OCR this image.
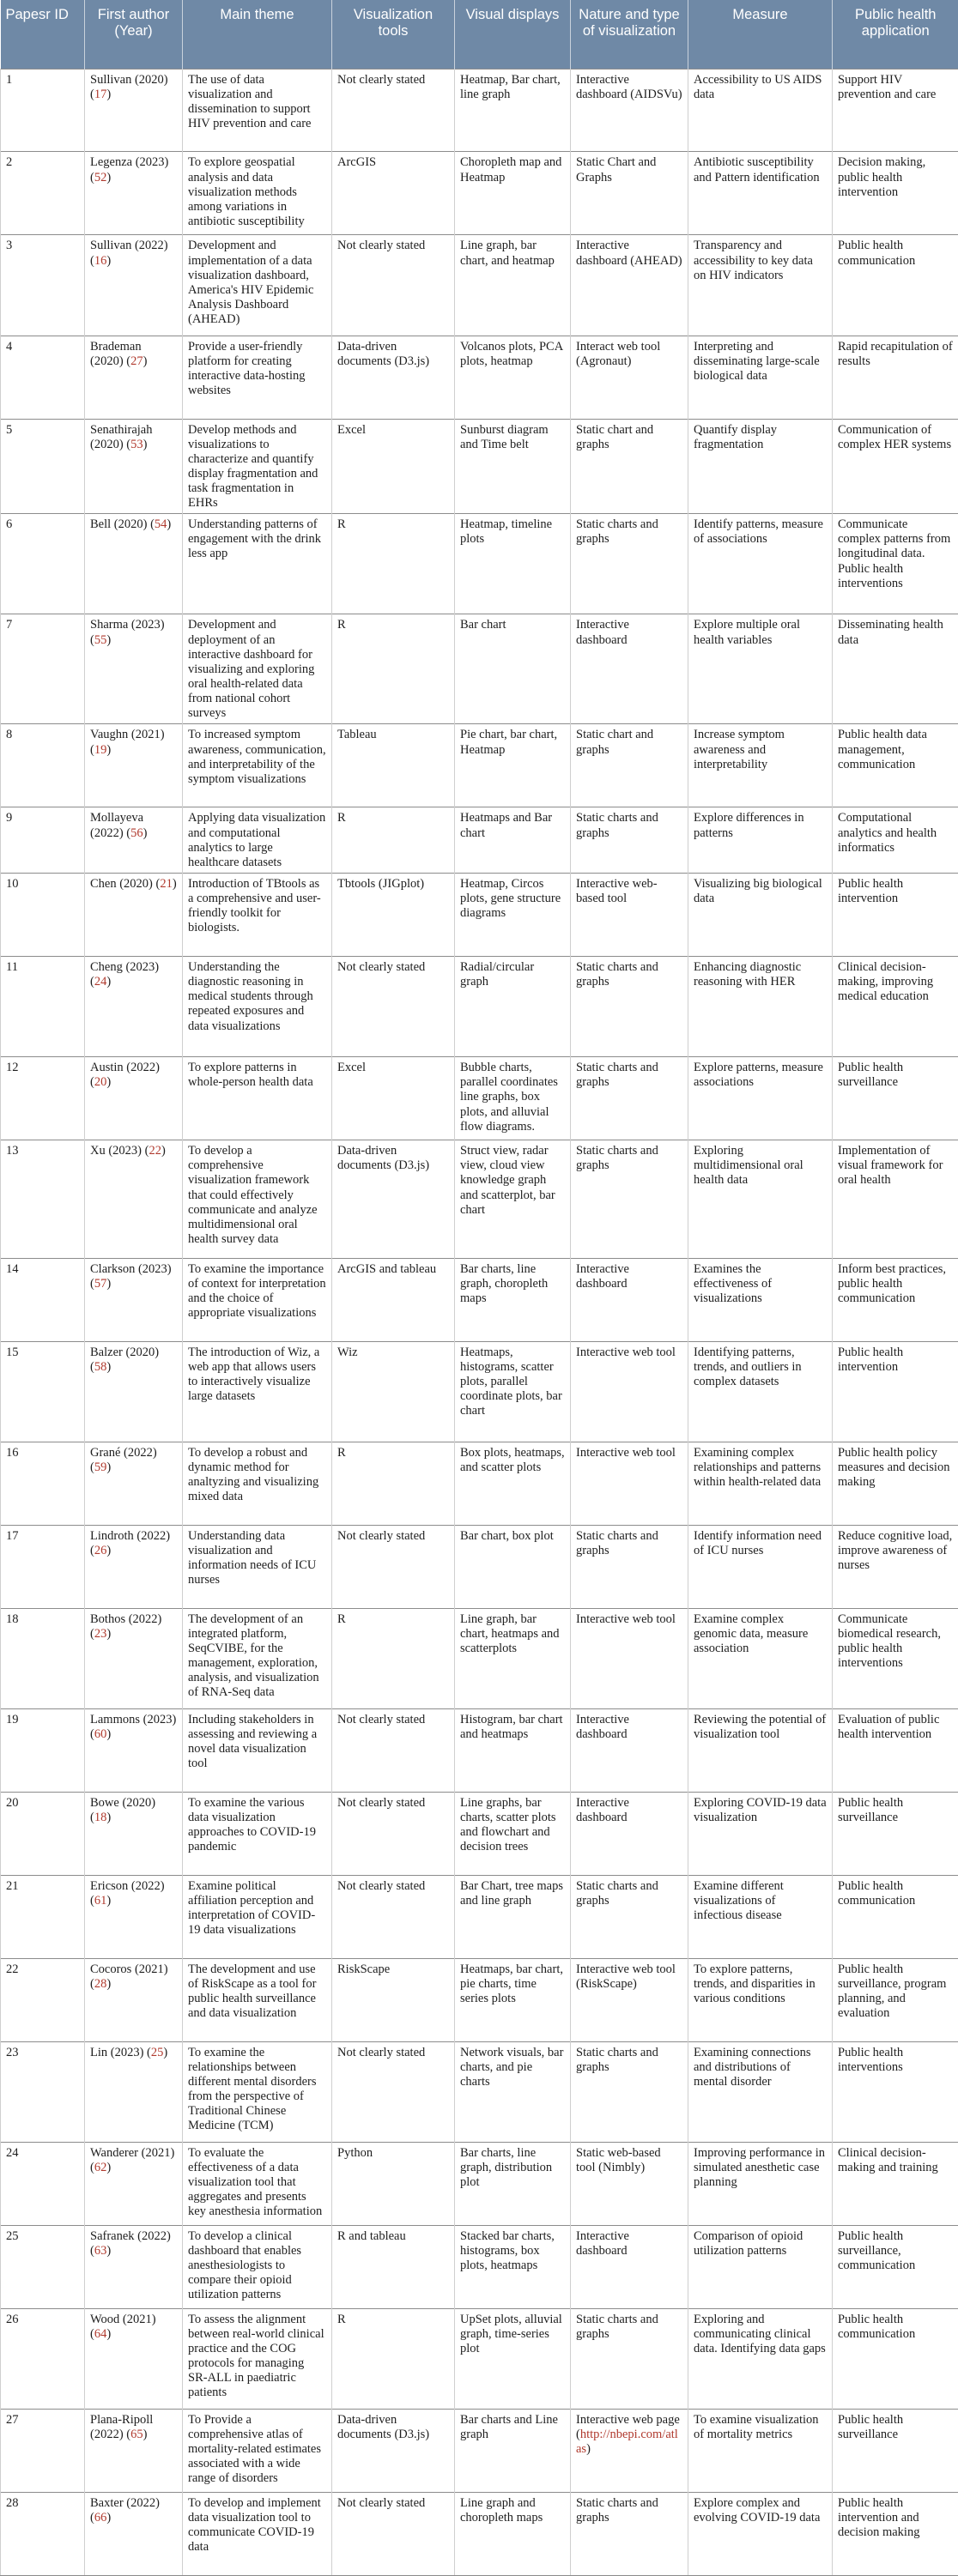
Papesr ID	First author (Year)	Main theme	Visualization tools	Visual displays	Nature and type of visualization	Measure	Public health application
1	Sullivan (2020) (17)	The use of data visualization and dissemination to support HIV prevention and care	Not clearly stated	Heatmap, Bar chart, line graph	Interactive dashboard (AIDSVu)	Accessibility to US AIDS data	Support HIV prevention and care
2	Legenza (2023) (52)	To explore geospatial analysis and data visualization methods among variations in antibiotic susceptibility	ArcGIS	Choropleth map and Heatmap	Static Chart and Graphs	Antibiotic susceptibility and Pattern identification	Decision making, public health intervention
3	Sullivan (2022) (16)	Development and implementation of a data visualization dashboard, America's HIV Epidemic Analysis Dashboard (AHEAD)	Not clearly stated	Line graph, bar chart, and heatmap	Interactive dashboard (AHEAD)	Transparency and accessibility to key data on HIV indicators	Public health communication
4	Brademan (2020) (27)	Provide a user-friendly platform for creating interactive data-hosting websites	Data-driven documents (D3.js)	Volcanos plots, PCA plots, heatmap	Interact web tool (Agronaut)	Interpreting and disseminating large-scale biological data	Rapid recapitulation of results
5	Senathirajah (2020) (53)	Develop methods and visualizations to characterize and quantify display fragmentation and task fragmentation in EHRs	Excel	Sunburst diagram and Time belt	Static chart and graphs	Quantify display fragmentation	Communication of complex HER systems
6	Bell (2020) (54)	Understanding patterns of engagement with the drink less app	R	Heatmap, timeline plots	Static charts and graphs	Identify patterns, measure of associations	Communicate complex patterns from longitudinal data. Public health interventions
7	Sharma (2023) (55)	Development and deployment of an interactive dashboard for visualizing and exploring oral health-related data from national cohort surveys	R	Bar chart	Interactive dashboard	Explore multiple oral health variables	Disseminating health data
8	Vaughn (2021) (19)	To increased symptom awareness, communication, and interpretability of the symptom visualizations	Tableau	Pie chart, bar chart, Heatmap	Static chart and graphs	Increase symptom awareness and interpretability	Public health data management, communication
9	Mollayeva (2022) (56)	Applying data visualization and computational analytics to large healthcare datasets	R	Heatmaps and Bar chart	Static charts and graphs	Explore differences in patterns	Computational analytics and health informatics
10	Chen (2020) (21)	Introduction of TBtools as a comprehensive and user-friendly toolkit for biologists.	Tbtools (JIGplot)	Heatmap, Circos plots, gene structure diagrams	Interactive web-based tool	Visualizing big biological data	Public health intervention
11	Cheng (2023) (24)	Understanding the diagnostic reasoning in medical students through repeated exposures and data visualizations	Not clearly stated	Radial/circular graph	Static charts and graphs	Enhancing diagnostic reasoning with HER	Clinical decision-making, improving medical education
12	Austin (2022) (20)	To explore patterns in whole-person health data	Excel	Bubble charts, parallel coordinates line graphs, box plots, and alluvial flow diagrams.	Static charts and graphs	Explore patterns, measure associations	Public health surveillance
13	Xu (2023) (22)	To develop a comprehensive visualization framework that could effectively communicate and analyze multidimensional oral health survey data	Data-driven documents (D3.js)	Struct view, radar view, cloud view knowledge graph and scatterplot, bar chart	Static charts and graphs	Exploring multidimensional oral health data	Implementation of visual framework for oral health
14	Clarkson (2023) (57)	To examine the importance of context for interpretation and the choice of appropriate visualizations	ArcGIS and tableau	Bar charts, line graph, choropleth maps	Interactive dashboard	Examines the effectiveness of visualizations	Inform best practices, public health communication
15	Balzer (2020) (58)	The introduction of Wiz, a web app that allows users to interactively visualize large datasets	Wiz	Heatmaps, histograms, scatter plots, parallel coordinate plots, bar chart	Interactive web tool	Identifying patterns, trends, and outliers in complex datasets	Public health intervention
16	Grané (2022) (59)	To develop a robust and dynamic method for analtyzing and visualizing mixed data	R	Box plots, heatmaps, and scatter plots	Interactive web tool	Examining complex relationships and patterns within health-related data	Public health policy measures and decision making
17	Lindroth (2022) (26)	Understanding data visualization and information needs of ICU nurses	Not clearly stated	Bar chart, box plot	Static charts and graphs	Identify information need of ICU nurses	Reduce cognitive load, improve awareness of nurses
18	Bothos (2022) (23)	The development of an integrated platform, SeqCVIBE, for the management, exploration, analysis, and visualization of RNA-Seq data	R	Line graph, bar chart, heatmaps and scatterplots	Interactive web tool	Examine complex genomic data, measure association	Communicate biomedical research, public health interventions
19	Lammons (2023) (60)	Including stakeholders in assessing and reviewing a novel data visualization tool	Not clearly stated	Histogram, bar chart and heatmaps	Interactive dashboard	Reviewing the potential of visualization tool	Evaluation of public health intervention
20	Bowe (2020) (18)	To examine the various data visualization approaches to COVID-19 pandemic	Not clearly stated	Line graphs, bar charts, scatter plots and flowchart and decision trees	Interactive dashboard	Exploring COVID-19 data visualization	Public health surveillance
21	Ericson (2022) (61)	Examine political affiliation perception and interpretation of COVID-19 data visualizations	Not clearly stated	Bar Chart, tree maps and line graph	Static charts and graphs	Examine different visualizations of infectious disease	Public health communication
22	Cocoros (2021) (28)	The development and use of RiskScape as a tool for public health surveillance and data visualization	RiskScape	Heatmaps, bar chart, pie charts, time series plots	Interactive web tool (RiskScape)	To explore patterns, trends, and disparities in various conditions	Public health surveillance, program planning, and evaluation
23	Lin (2023) (25)	To examine the relationships between different mental disorders from the perspective of Traditional Chinese Medicine (TCM)	Not clearly stated	Network visuals, bar charts, and pie charts	Static charts and graphs	Examining connections and distributions of mental disorder	Public health interventions
24	Wanderer (2021) (62)	To evaluate the effectiveness of a data visualization tool that aggregates and presents key anesthesia information	Python	Bar charts, line graph, distribution plot	Static web-based tool (Nimbly)	Improving performance in simulated anesthetic case planning	Clinical decision-making and training
25	Safranek (2022) (63)	To develop a clinical dashboard that enables anesthesiologists to compare their opioid utilization patterns	R and tableau	Stacked bar charts, histograms, box plots, heatmaps	Interactive dashboard	Comparison of opioid utilization patterns	Public health surveillance, communication
26	Wood (2021) (64)	To assess the alignment between real-world clinical practice and the COG protocols for managing SR-ALL in paediatric patients	R	UpSet plots, alluvial graph, time-series plot	Static charts and graphs	Exploring and communicating clinical data. Identifying data gaps	Public health communication
27	Plana-Ripoll (2022) (65)	To Provide a comprehensive atlas of mortality-related estimates associated with a wide range of disorders	Data-driven documents (D3.js)	Bar charts and Line graph	Interactive web page (http://nbepi.com/atlas)	To examine visualization of mortality metrics	Public health surveillance
28	Baxter (2022) (66)	To develop and implement data visualization tool to communicate COVID-19 data	Not clearly stated	Line graph and choropleth maps	Static charts and graphs	Explore complex and evolving COVID-19 data	Public health intervention and decision making
